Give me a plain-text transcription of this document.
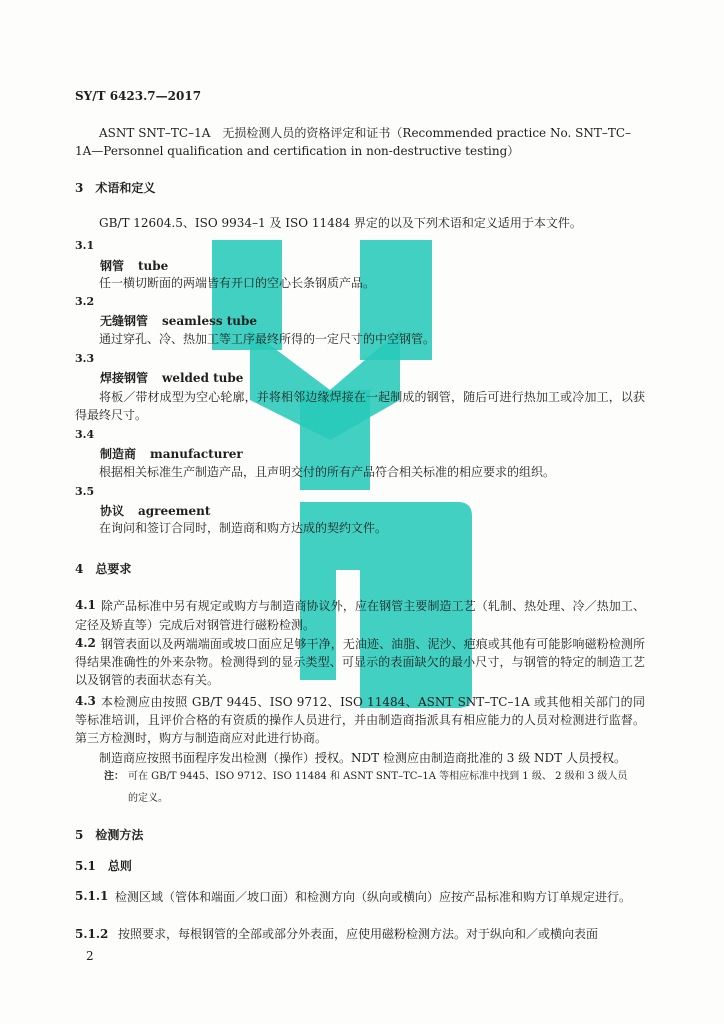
SY/T 6423.7—2017
ASNT SNT–TC–1A　无损检测人员的资格评定和证书（Recommended practice No. SNT–TC–
1A—Personnel qualification and certification in non-destructive testing）
3　术语和定义
GB/T 12604.5、ISO 9934–1 及 ISO 11484 界定的以及下列术语和定义适用于本文件。
3.1
钢管 tube
任一横切断面的两端皆有开口的空心长条钢质产品。
3.2
无缝钢管 seamless tube
通过穿孔、冷、热加工等工序最终所得的一定尺寸的中空钢管。
3.3
焊接钢管 welded tube
将板／带材成型为空心轮廓，并将相邻边缘焊接在一起制成的钢管，随后可进行热加工或冷加工，以获得最终尺寸。
3.4
制造商 manufacturer
根据相关标准生产制造产品，且声明交付的所有产品符合相关标准的相应要求的组织。
3.5
协议 agreement
在询问和签订合同时，制造商和购方达成的契约文件。
4　总要求
4.1 除产品标准中另有规定或购方与制造商协议外，应在钢管主要制造工艺（轧制、热处理、冷／热加工、定径及矫直等）完成后对钢管进行磁粉检测。
4.2 钢管表面以及两端端面或坡口面应足够干净，无油迹、油脂、泥沙、疤痕或其他有可能影响磁粉检测所得结果准确性的外来杂物。检测得到的显示类型、可显示的表面缺欠的最小尺寸，与钢管的特定的制造工艺以及钢管的表面状态有关。
4.3 本检测应由按照 GB/T 9445、ISO 9712、ISO 11484、ASNT SNT–TC–1A 或其他相关部门的同等标准培训，且评价合格的有资质的操作人员进行，并由制造商指派具有相应能力的人员对检测进行监督。第三方检测时，购方与制造商应对此进行协商。
制造商应按照书面程序发出检测（操作）授权。NDT 检测应由制造商批准的 3 级 NDT 人员授权。
注： 可在 GB/T 9445、ISO 9712、ISO 11484 和 ASNT SNT–TC–1A 等相应标准中找到 1 级、 2 级和 3 级人员
的定义。
5　检测方法
5.1　总则
5.1.1 检测区域（管体和端面／坡口面）和检测方向（纵向或横向）应按产品标准和购方订单规定进行。
5.1.2 按照要求，每根钢管的全部或部分外表面，应使用磁粉检测方法。对于纵向和／或横向表面
2
